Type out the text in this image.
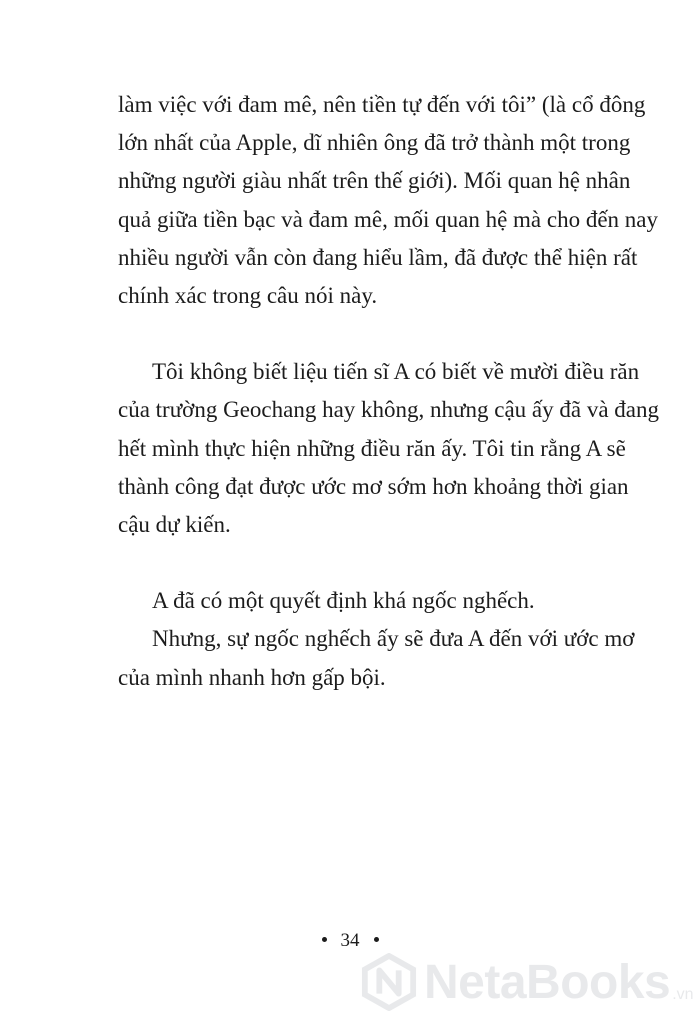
làm việc với đam mê, nên tiền tự đến với tôi” (là cổ đông
lớn nhất của Apple, dĩ nhiên ông đã trở thành một trong
những người giàu nhất trên thế giới). Mối quan hệ nhân
quả giữa tiền bạc và đam mê, mối quan hệ mà cho đến nay
nhiều người vẫn còn đang hiểu lầm, đã được thể hiện rất
chính xác trong câu nói này.
Tôi không biết liệu tiến sĩ A có biết về mười điều răn
của trường Geochang hay không, nhưng cậu ấy đã và đang
hết mình thực hiện những điều răn ấy. Tôi tin rằng A sẽ
thành công đạt được ước mơ sớm hơn khoảng thời gian
cậu dự kiến.
A đã có một quyết định khá ngốc nghếch.
Nhưng, sự ngốc nghếch ấy sẽ đưa A đến với ước mơ
của mình nhanh hơn gấp bội.
34
NetaBooks .vn
